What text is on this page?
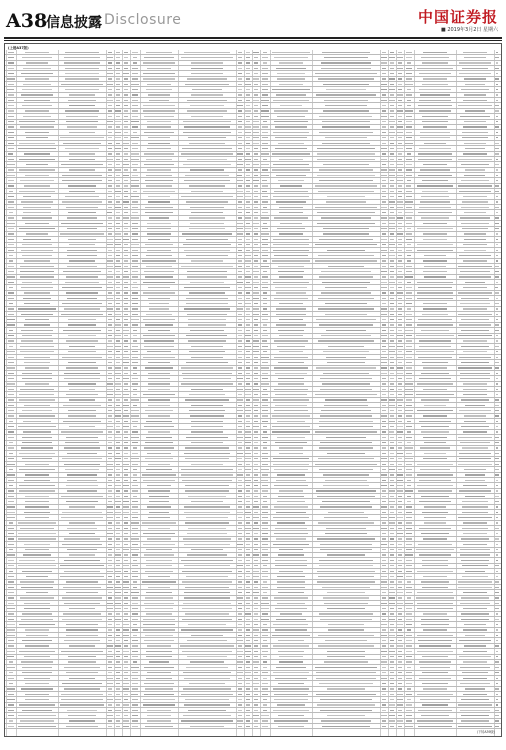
A38
信息披露 Disclosure	中国证券报
■ 2019年3月2日 星期六
(上接A37版)
(下转A39版)
